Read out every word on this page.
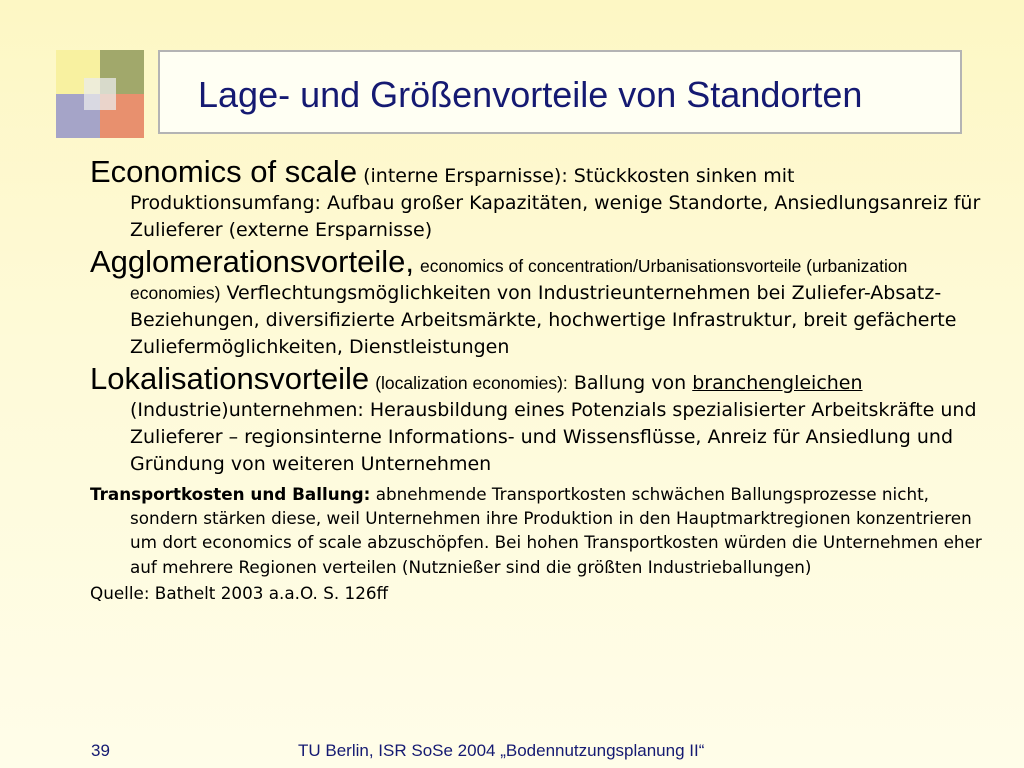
Lage- und Größenvorteile von Standorten

Economics of scale (interne Ersparnisse): Stückkosten sinken mit Produktionsumfang: Aufbau großer Kapazitäten, wenige Standorte, Ansiedlungsanreiz für Zulieferer (externe Ersparnisse)

Agglomerationsvorteile, economics of concentration/Urbanisationsvorteile (urbanization economies) Verflechtungsmöglichkeiten von Industrieunternehmen bei Zuliefer-Absatz-Beziehungen, diversifizierte Arbeitsmärkte, hochwertige Infrastruktur, breit gefächerte Zuliefermöglichkeiten, Dienstleistungen

Lokalisationsvorteile (localization economies): Ballung von branchengleichen (Industrie)unternehmen: Herausbildung eines Potenzials spezialisierter Arbeitskräfte und Zulieferer – regionsinterne Informations- und Wissensflüsse, Anreiz für Ansiedlung und Gründung von weiteren Unternehmen

Transportkosten und Ballung: abnehmende Transportkosten schwächen Ballungsprozesse nicht, sondern stärken diese, weil Unternehmen ihre Produktion in den Hauptmarktregionen konzentrieren um dort economics of scale abzuschöpfen. Bei hohen Transportkosten würden die Unternehmen eher auf mehrere Regionen verteilen (Nutznießer sind die größten Industrieballungen)

Quelle: Bathelt 2003 a.a.O. S. 126ff

39	TU Berlin, ISR SoSe 2004 „Bodennutzungsplanung II“
